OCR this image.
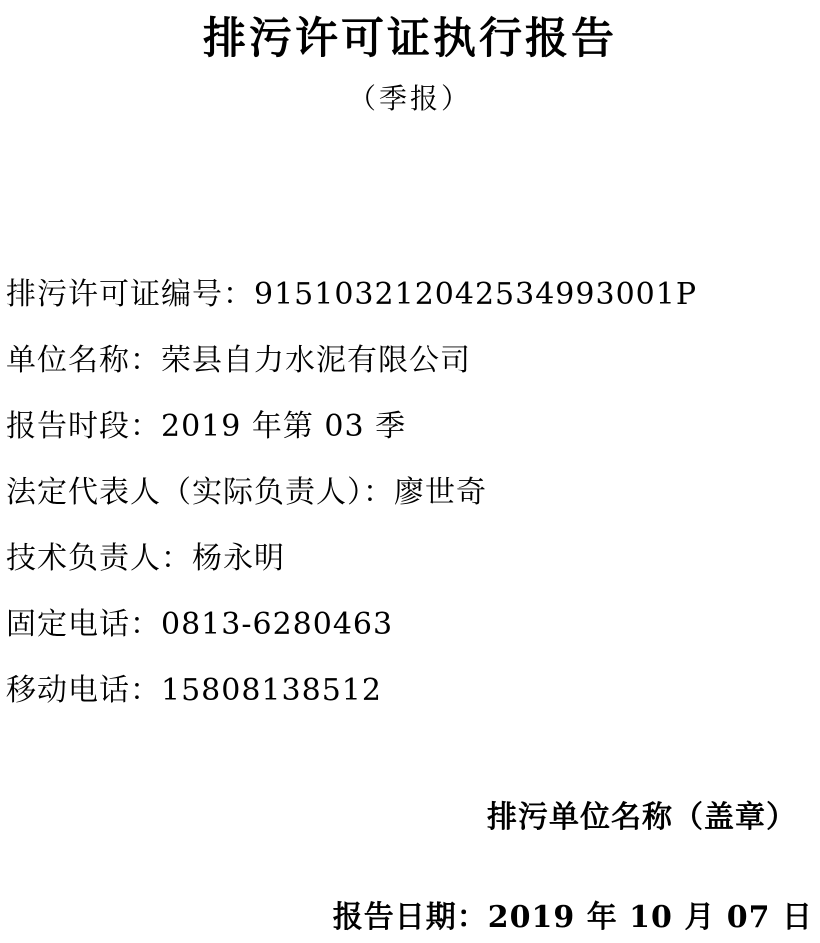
排污许可证执行报告
（季报）
排污许可证编号：915103212042534993001P
单位名称：荣县自力水泥有限公司
报告时段：2019 年第 03 季
法定代表人（实际负责人）：廖世奇
技术负责人：杨永明
固定电话：0813-6280463
移动电话：15808138512
排污单位名称（盖章）
报告日期：2019 年 10 月 07 日
